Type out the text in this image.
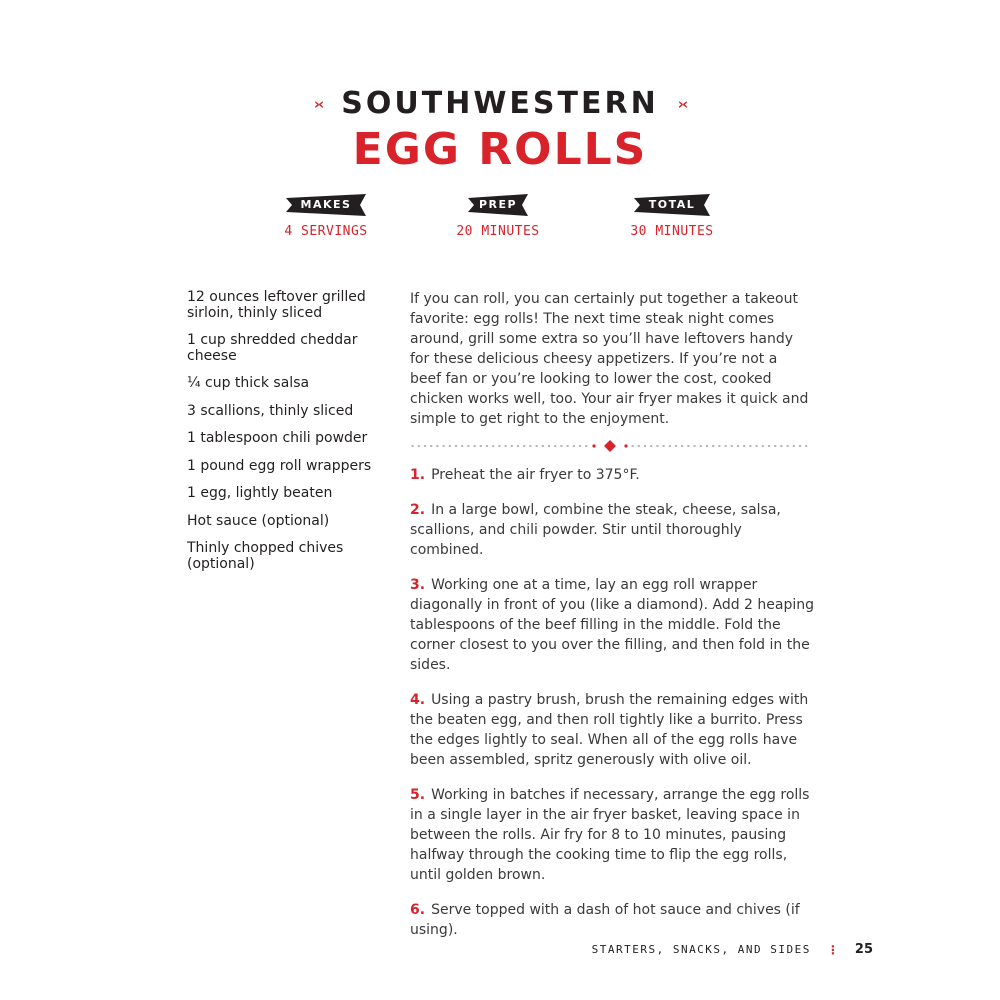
›‹ SOUTHWESTERN ›‹
EGG ROLLS
MAKES
4 SERVINGS
PREP
20 MINUTES
TOTAL
30 MINUTES
12 ounces leftover grilled sirloin, thinly sliced
1 cup shredded cheddar cheese
¼ cup thick salsa
3 scallions, thinly sliced
1 tablespoon chili powder
1 pound egg roll wrappers
1 egg, lightly beaten
Hot sauce (optional)
Thinly chopped chives (optional)

If you can roll, you can certainly put together a takeout favorite: egg rolls! The next time steak night comes around, grill some extra so you’ll have leftovers handy for these delicious cheesy appetizers. If you’re not a beef fan or you’re looking to lower the cost, cooked chicken works well, too. Your air fryer makes it quick and simple to get right to the enjoyment.

1. Preheat the air fryer to 375°F.
2. In a large bowl, combine the steak, cheese, salsa, scallions, and chili powder. Stir until thoroughly combined.
3. Working one at a time, lay an egg roll wrapper diagonally in front of you (like a diamond). Add 2 heaping tablespoons of the beef filling in the middle. Fold the corner closest to you over the filling, and then fold in the sides.
4. Using a pastry brush, brush the remaining edges with the beaten egg, and then roll tightly like a burrito. Press the edges lightly to seal. When all of the egg rolls have been assembled, spritz generously with olive oil.
5. Working in batches if necessary, arrange the egg rolls in a single layer in the air fryer basket, leaving space in between the rolls. Air fry for 8 to 10 minutes, pausing halfway through the cooking time to flip the egg rolls, until golden brown.
6. Serve topped with a dash of hot sauce and chives (if using).
STARTERS, SNACKS, AND SIDES ⋮ 25
